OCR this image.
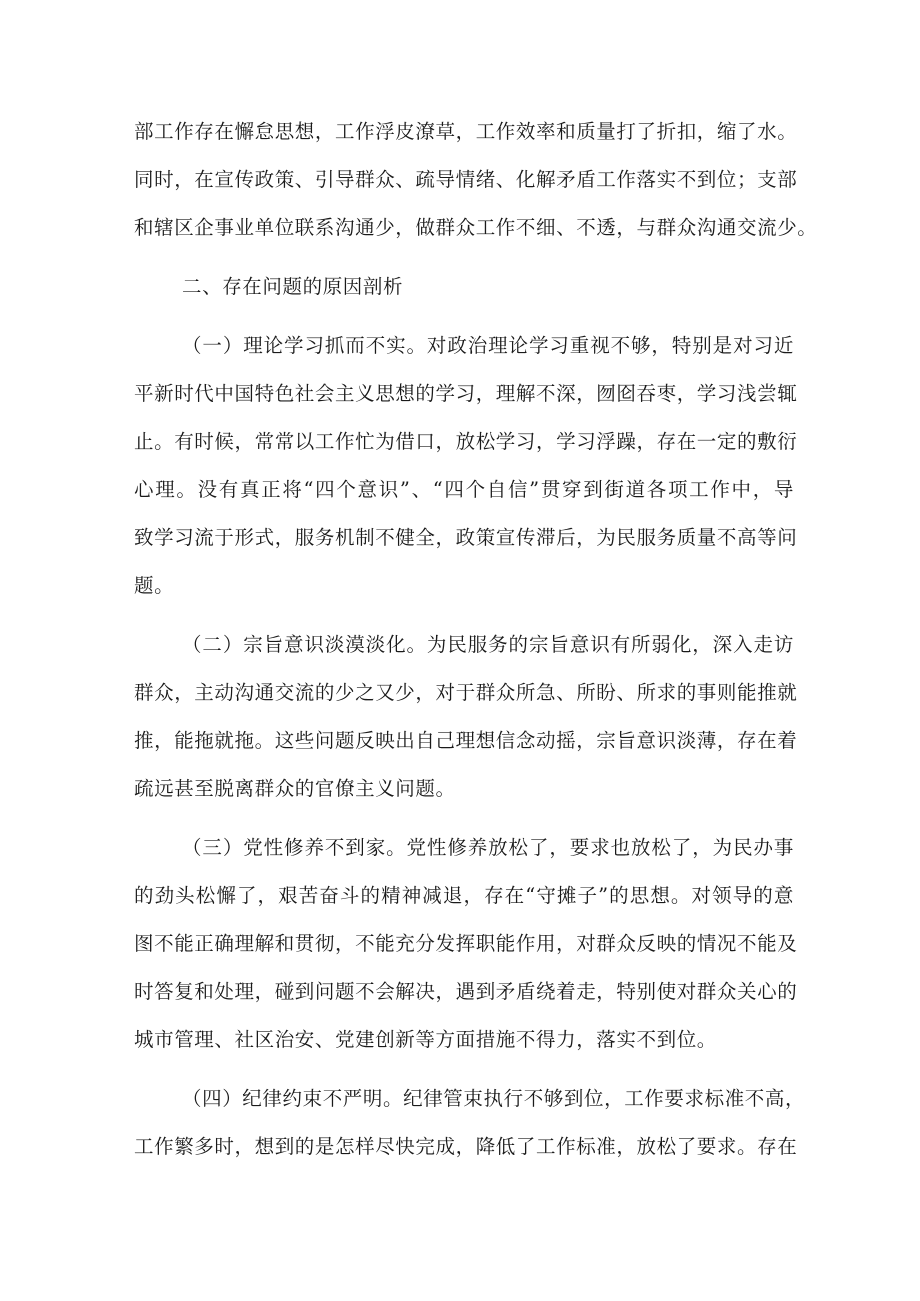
部工作存在懈怠思想，工作浮皮潦草，工作效率和质量打了折扣，缩了水。

同时，在宣传政策、引导群众、疏导情绪、化解矛盾工作落实不到位；支部

和辖区企事业单位联系沟通少，做群众工作不细、不透，与群众沟通交流少。

二、存在问题的原因剖析

（一）理论学习抓而不实。对政治理论学习重视不够，特别是对习近

平新时代中国特色社会主义思想的学习，理解不深，囫囵吞枣，学习浅尝辄

止。有时候，常常以工作忙为借口，放松学习，学习浮躁，存在一定的敷衍

心理。没有真正将“四个意识”、“四个自信”贯穿到街道各项工作中，导

致学习流于形式，服务机制不健全，政策宣传滞后，为民服务质量不高等问

题。

（二）宗旨意识淡漠淡化。为民服务的宗旨意识有所弱化，深入走访

群众，主动沟通交流的少之又少，对于群众所急、所盼、所求的事则能推就

推，能拖就拖。这些问题反映出自己理想信念动摇，宗旨意识淡薄，存在着

疏远甚至脱离群众的官僚主义问题。

（三）党性修养不到家。党性修养放松了，要求也放松了，为民办事

的劲头松懈了，艰苦奋斗的精神减退，存在“守摊子”的思想。对领导的意

图不能正确理解和贯彻，不能充分发挥职能作用，对群众反映的情况不能及

时答复和处理，碰到问题不会解决，遇到矛盾绕着走，特别使对群众关心的

城市管理、社区治安、党建创新等方面措施不得力，落实不到位。

（四）纪律约束不严明。纪律管束执行不够到位，工作要求标准不高，

工作繁多时，想到的是怎样尽快完成，降低了工作标准，放松了要求。存在
